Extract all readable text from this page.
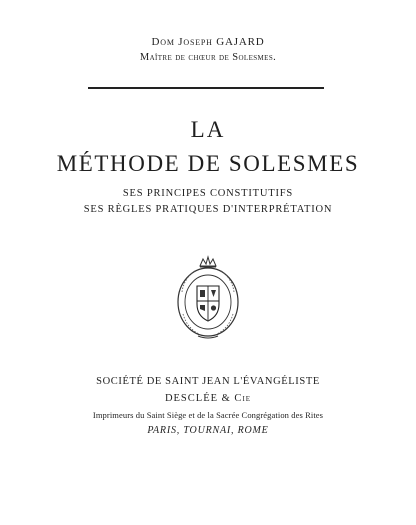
Dom Joseph GAJARD
Maître de chœur de Solesmes.
LA
MÉTHODE DE SOLESMES
SES PRINCIPES CONSTITUTIFS
SES RÈGLES PRATIQUES D'INTERPRÉTATION
SOCIÉTÉ DE SAINT JEAN L'ÉVANGÉLISTE
DESCLÉE & Cie
Imprimeurs du Saint Siège et de la Sacrée Congrégation des Rites
PARIS, TOURNAI, ROME
